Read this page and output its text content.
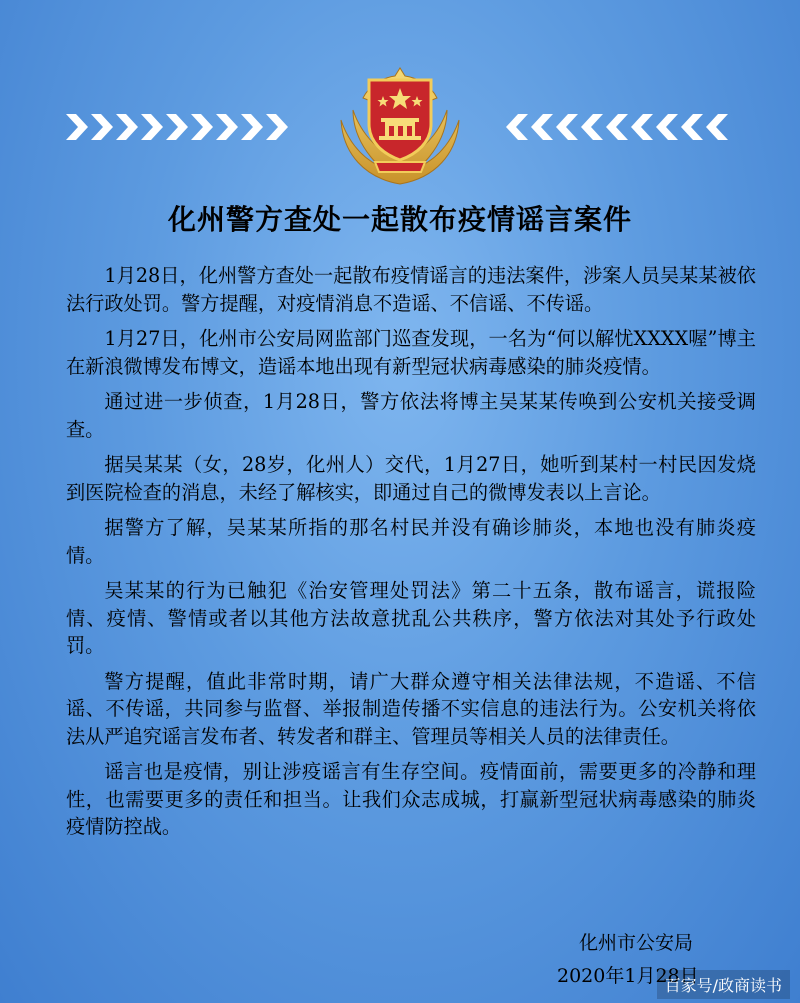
化州警方查处一起散布疫情谣言案件

1月28日，化州警方查处一起散布疫情谣言的违法案件，涉案人员吴某某被依法行政处罚。警方提醒，对疫情消息不造谣、不信谣、不传谣。

1月27日，化州市公安局网监部门巡查发现，一名为“何以解忧XXXX喔”博主在新浪微博发布博文，造谣本地出现有新型冠状病毒感染的肺炎疫情。

通过进一步侦查，1月28日，警方依法将博主吴某某传唤到公安机关接受调查。

据吴某某（女，28岁，化州人）交代，1月27日，她听到某村一村民因发烧到医院检查的消息，未经了解核实，即通过自己的微博发表以上言论。

据警方了解，吴某某所指的那名村民并没有确诊肺炎，本地也没有肺炎疫情。

吴某某的行为已触犯《治安管理处罚法》第二十五条，散布谣言，谎报险情、疫情、警情或者以其他方法故意扰乱公共秩序，警方依法对其处予行政处罚。

警方提醒，值此非常时期，请广大群众遵守相关法律法规，不造谣、不信谣、不传谣，共同参与监督、举报制造传播不实信息的违法行为。公安机关将依法从严追究谣言发布者、转发者和群主、管理员等相关人员的法律责任。

谣言也是疫情，别让涉疫谣言有生存空间。疫情面前，需要更多的冷静和理性，也需要更多的责任和担当。让我们众志成城，打赢新型冠状病毒感染的肺炎疫情防控战。

化州市公安局
2020年1月28日
百家号/政商读书
